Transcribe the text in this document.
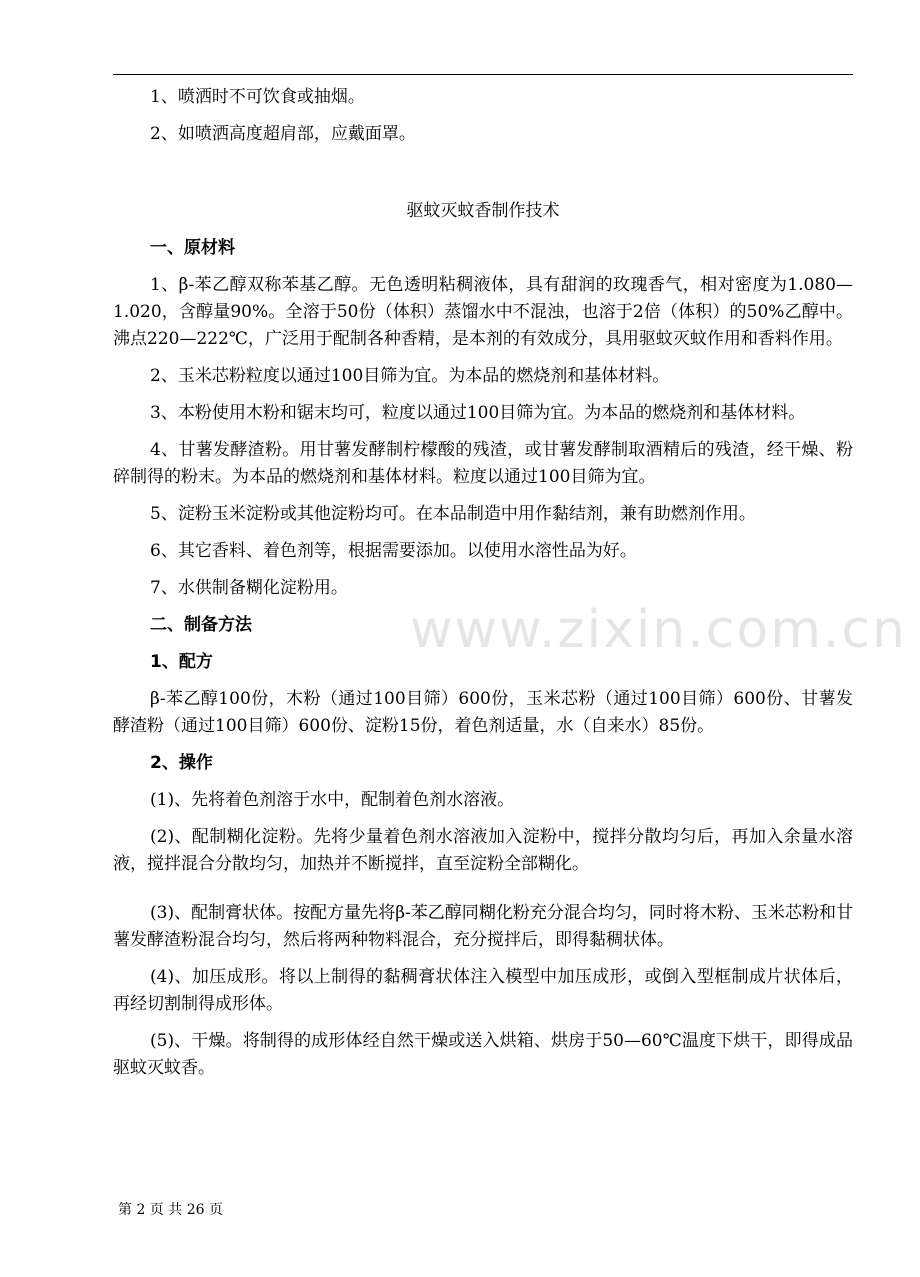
1、喷洒时不可饮食或抽烟。

2、如喷洒高度超肩部，应戴面罩。

驱蚊灭蚊香制作技术
一、原材料

1、β-苯乙醇双称苯基乙醇。无色透明粘稠液体，具有甜润的玫瑰香气，相对密度为1.080—1.020，含醇量90%。全溶于50份（体积）蒸馏水中不混浊，也溶于2倍（体积）的50%乙醇中。沸点220—222℃，广泛用于配制各种香精，是本剂的有效成分，具用驱蚊灭蚊作用和香料作用。

2、玉米芯粉粒度以通过100目筛为宜。为本品的燃烧剂和基体材料。

3、本粉使用木粉和锯末均可，粒度以通过100目筛为宜。为本品的燃烧剂和基体材料。

4、甘薯发酵渣粉。用甘薯发酵制柠檬酸的残渣，或甘薯发酵制取酒精后的残渣，经干燥、粉碎制得的粉末。为本品的燃烧剂和基体材料。粒度以通过100目筛为宜。

5、淀粉玉米淀粉或其他淀粉均可。在本品制造中用作黏结剂，兼有助燃剂作用。

6、其它香料、着色剂等，根据需要添加。以使用水溶性品为好。

7、水供制备糊化淀粉用。

二、制备方法
1、配方

β-苯乙醇100份，木粉（通过100目筛）600份，玉米芯粉（通过100目筛）600份、甘薯发酵渣粉（通过100目筛）600份、淀粉15份，着色剂适量，水（自来水）85份。

2、操作

(1)、先将着色剂溶于水中，配制着色剂水溶液。

(2)、配制糊化淀粉。先将少量着色剂水溶液加入淀粉中，搅拌分散均匀后，再加入余量水溶液，搅拌混合分散均匀，加热并不断搅拌，直至淀粉全部糊化。

(3)、配制膏状体。按配方量先将β-苯乙醇同糊化粉充分混合均匀，同时将木粉、玉米芯粉和甘薯发酵渣粉混合均匀，然后将两种物料混合，充分搅拌后，即得黏稠状体。

(4)、加压成形。将以上制得的黏稠膏状体注入模型中加压成形，或倒入型框制成片状体后，再经切割制得成形体。

(5)、干燥。将制得的成形体经自然干燥或送入烘箱、烘房于50—60℃温度下烘干，即得成品驱蚊灭蚊香。

www.zixin.com.cn
第 2 页 共 26 页
